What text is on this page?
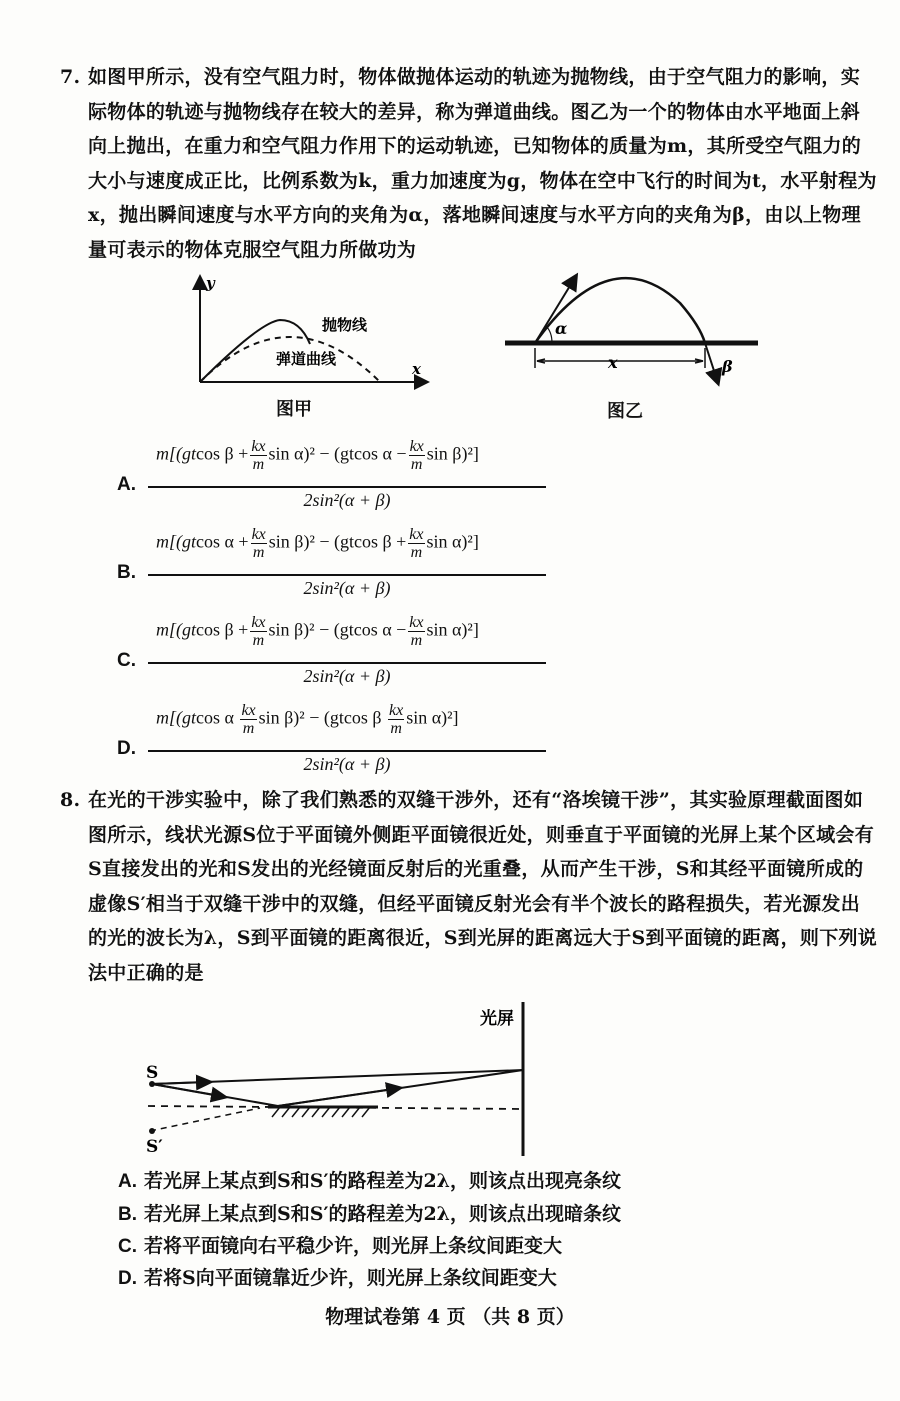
7. 如图甲所示，没有空气阻力时，物体做抛体运动的轨迹为抛物线，由于空气阻力的影响，实际物体的轨迹与抛物线存在较大的差异，称为弹道曲线。图乙为一个的物体由水平地面上斜向上抛出，在重力和空气阻力作用下的运动轨迹，已知物体的质量为m，其所受空气阻力的大小与速度成正比，比例系数为k，重力加速度为g，物体在空中飞行的时间为t，水平射程为x，抛出瞬间速度与水平方向的夹角为α，落地瞬间速度与水平方向的夹角为β，由以上物理量可表示的物体克服空气阻力所做功为
y
x
抛物线
弹道曲线
图甲
α
x	β
图乙
A.
m[(gtcos $\beta + \frac{kx}{m}$ sin α)² − (gtcos $\alpha - \frac{kx}{m}$ sin β)²]
2sin²(α + β)
B.
m[(gtcos $\alpha + \frac{kx}{m}$ sin β)² − (gtcos $\beta + \frac{kx}{m}$ sin α)²]
2sin²(α + β)
C.
m[(gtcos $\beta + \frac{kx}{m}$ sin β)² − (gtcos $\alpha - \frac{kx}{m}$ sin α)²]
2sin²(α + β)
D.
m[(gtcos α $\frac{kx}{m}$ sin β)² − (gtcos β $\frac{kx}{m}$ sin α)²]
2sin²(α + β)
8. 在光的干涉实验中，除了我们熟悉的双缝干涉外，还有“洛埃镜干涉”，其实验原理截面图如图所示，线状光源S位于平面镜外侧距平面镜很近处，则垂直于平面镜的光屏上某个区域会有S直接发出的光和S发出的光经镜面反射后的光重叠，从而产生干涉，S和其经平面镜所成的虚像S′相当于双缝干涉中的双缝，但经平面镜反射光会有半个波长的路程损失，若光源发出的光的波长为λ，S到平面镜的距离很近，S到光屏的距离远大于S到平面镜的距离，则下列说法中正确的是
S
S′
光屏
A. 若光屏上某点到S和S′的路程差为2λ，则该点出现亮条纹
B. 若光屏上某点到S和S′的路程差为2λ，则该点出现暗条纹
C. 若将平面镜向右平稳少许，则光屏上条纹间距变大
D. 若将S向平面镜靠近少许，则光屏上条纹间距变大
物理试卷第 4 页 （共 8 页）
